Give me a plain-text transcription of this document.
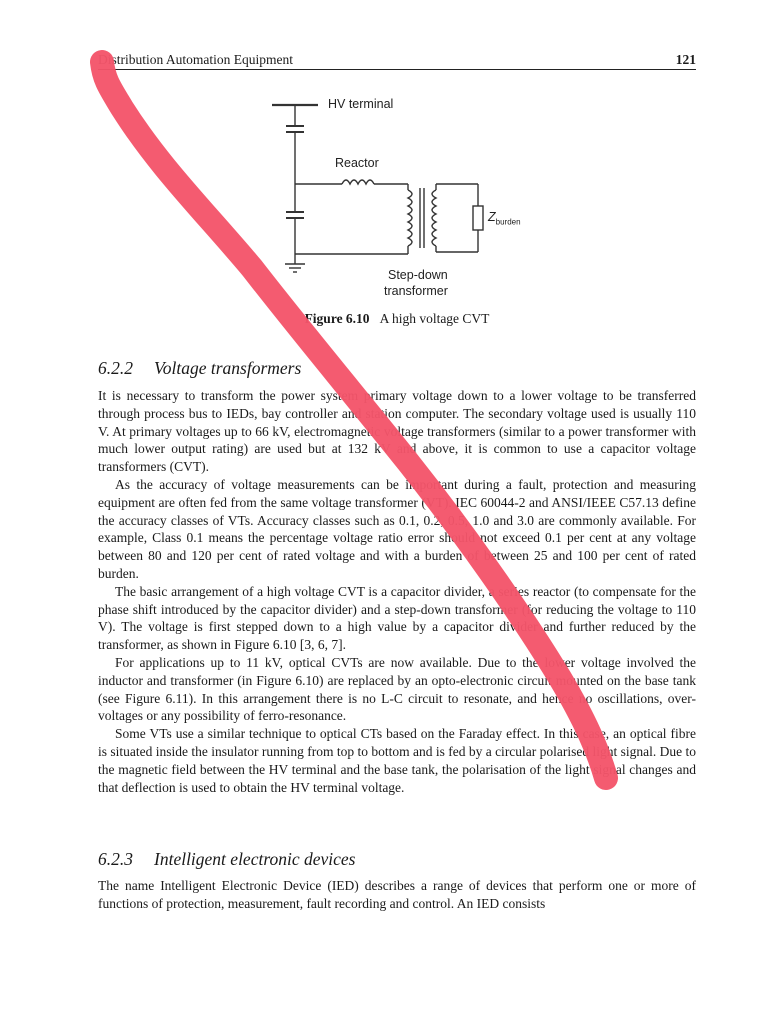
Distribution Automation Equipment	121
HV terminal
Reactor
$Z_{burden}$
Step-down
transformer
Figure 6.10 A high voltage CVT
6.2.2 Voltage transformers

It is necessary to transform the power system primary voltage down to a lower voltage to be transferred through process bus to IEDs, bay controller and station computer. The secondary voltage used is usually 110 V. At primary voltages up to 66 kV, electromagnetic voltage transformers (similar to a power transformer with much lower output rating) are used but at 132 kV and above, it is common to use a capacitor voltage transformers (CVT).

As the accuracy of voltage measurements can be important during a fault, protection and measuring equipment are often fed from the same voltage transformer (VT). IEC 60044-2 and ANSI/IEEE C57.13 define the accuracy classes of VTs. Accuracy classes such as 0.1, 0.2, 0.5, 1.0 and 3.0 are commonly available. For example, Class 0.1 means the percentage voltage ratio error should not exceed 0.1 per cent at any voltage between 80 and 120 per cent of rated voltage and with a burden of between 25 and 100 per cent of rated burden.

The basic arrangement of a high voltage CVT is a capacitor divider, a series reactor (to compensate for the phase shift introduced by the capacitor divider) and a step-down transformer (for reducing the voltage to 110 V). The voltage is first stepped down to a high value by a capacitor divider and further reduced by the transformer, as shown in Figure 6.10 [3, 6, 7].

For applications up to 11 kV, optical CVTs are now available. Due to the lower voltage involved the inductor and transformer (in Figure 6.10) are replaced by an opto-electronic circuit mounted on the base tank (see Figure 6.11). In this arrangement there is no L-C circuit to resonate, and hence no oscillations, over-voltages or any possibility of ferro-resonance.

Some VTs use a similar technique to optical CTs based on the Faraday effect. In this case, an optical fibre is situated inside the insulator running from top to bottom and is fed by a circular polarised light signal. Due to the magnetic field between the HV terminal and the base tank, the polarisation of the light signal changes and that deflection is used to obtain the HV terminal voltage.

6.2.3 Intelligent electronic devices

The name Intelligent Electronic Device (IED) describes a range of devices that perform one or more of functions of protection, measurement, fault recording and control. An IED consists
